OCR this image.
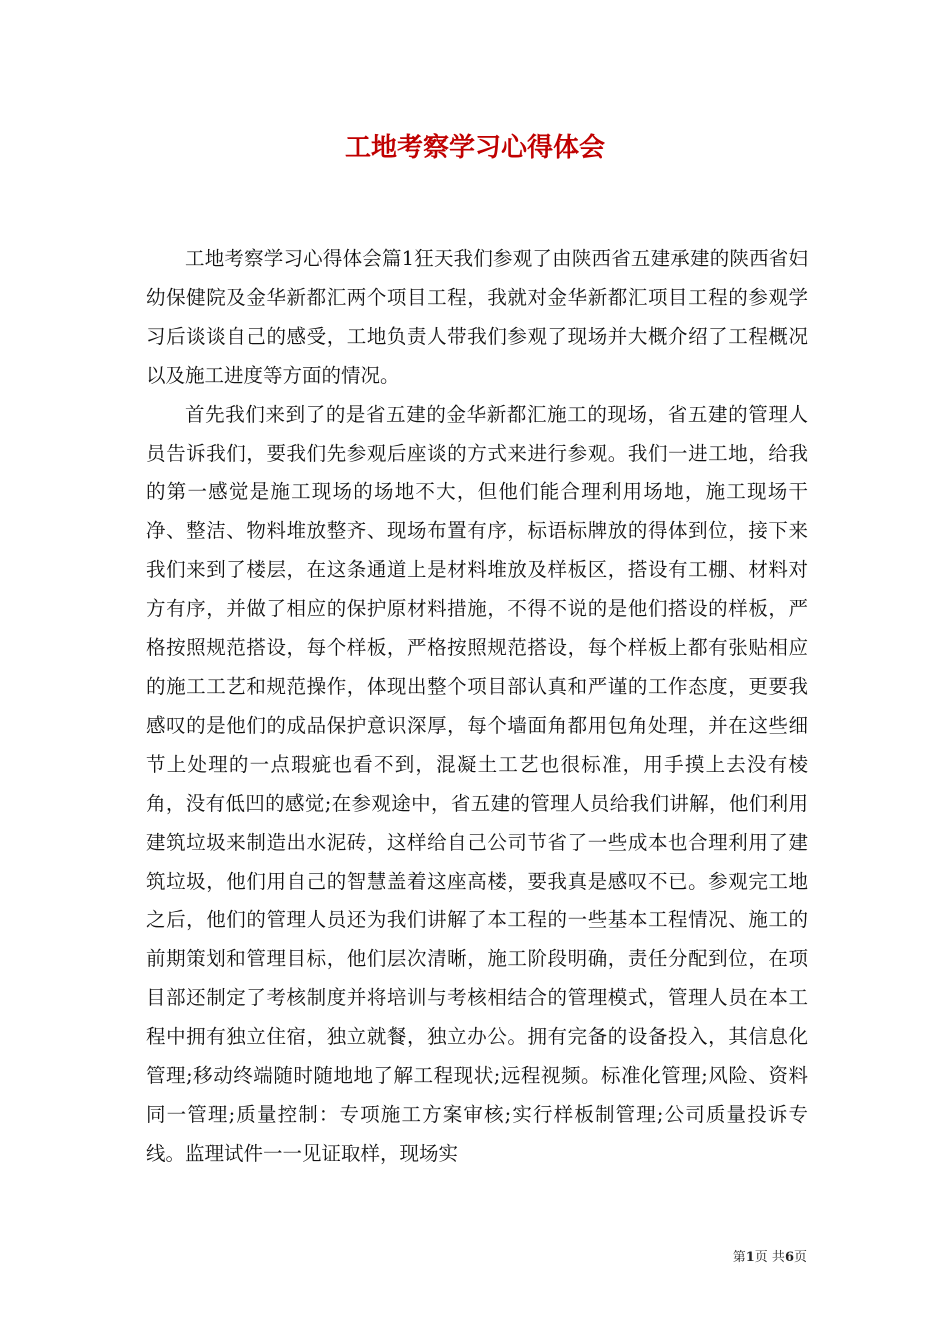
工地考察学习心得体会

工地考察学习心得体会篇1狂天我们参观了由陕西省五建承建的陕西省妇幼保健院及金华新都汇两个项目工程，我就对金华新都汇项目工程的参观学习后谈谈自己的感受，工地负责人带我们参观了现场并大概介绍了工程概况以及施工进度等方面的情况。

首先我们来到了的是省五建的金华新都汇施工的现场，省五建的管理人员告诉我们，要我们先参观后座谈的方式来进行参观。我们一进工地，给我的第一感觉是施工现场的场地不大，但他们能合理利用场地，施工现场干净、整洁、物料堆放整齐、现场布置有序，标语标牌放的得体到位，接下来我们来到了楼层，在这条通道上是材料堆放及样板区，搭设有工棚、材料对方有序，并做了相应的保护原材料措施，不得不说的是他们搭设的样板，严格按照规范搭设，每个样板，严格按照规范搭设，每个样板上都有张贴相应的施工工艺和规范操作，体现出整个项目部认真和严谨的工作态度，更要我感叹的是他们的成品保护意识深厚，每个墙面角都用包角处理，并在这些细节上处理的一点瑕疵也看不到，混凝土工艺也很标准，用手摸上去没有棱角，没有低凹的感觉;在参观途中，省五建的管理人员给我们讲解，他们利用建筑垃圾来制造出水泥砖，这样给自己公司节省了一些成本也合理利用了建筑垃圾，他们用自己的智慧盖着这座高楼，要我真是感叹不已。参观完工地之后，他们的管理人员还为我们讲解了本工程的一些基本工程情况、施工的前期策划和管理目标，他们层次清晰，施工阶段明确，责任分配到位，在项目部还制定了考核制度并将培训与考核相结合的管理模式，管理人员在本工程中拥有独立住宿，独立就餐，独立办公。拥有完备的设备投入，其信息化管理;移动终端随时随地地了解工程现状;远程视频。标准化管理;风险、资料同一管理;质量控制：专项施工方案审核;实行样板制管理;公司质量投诉专线。监理试件一一见证取样，现场实

第1页 共6页
